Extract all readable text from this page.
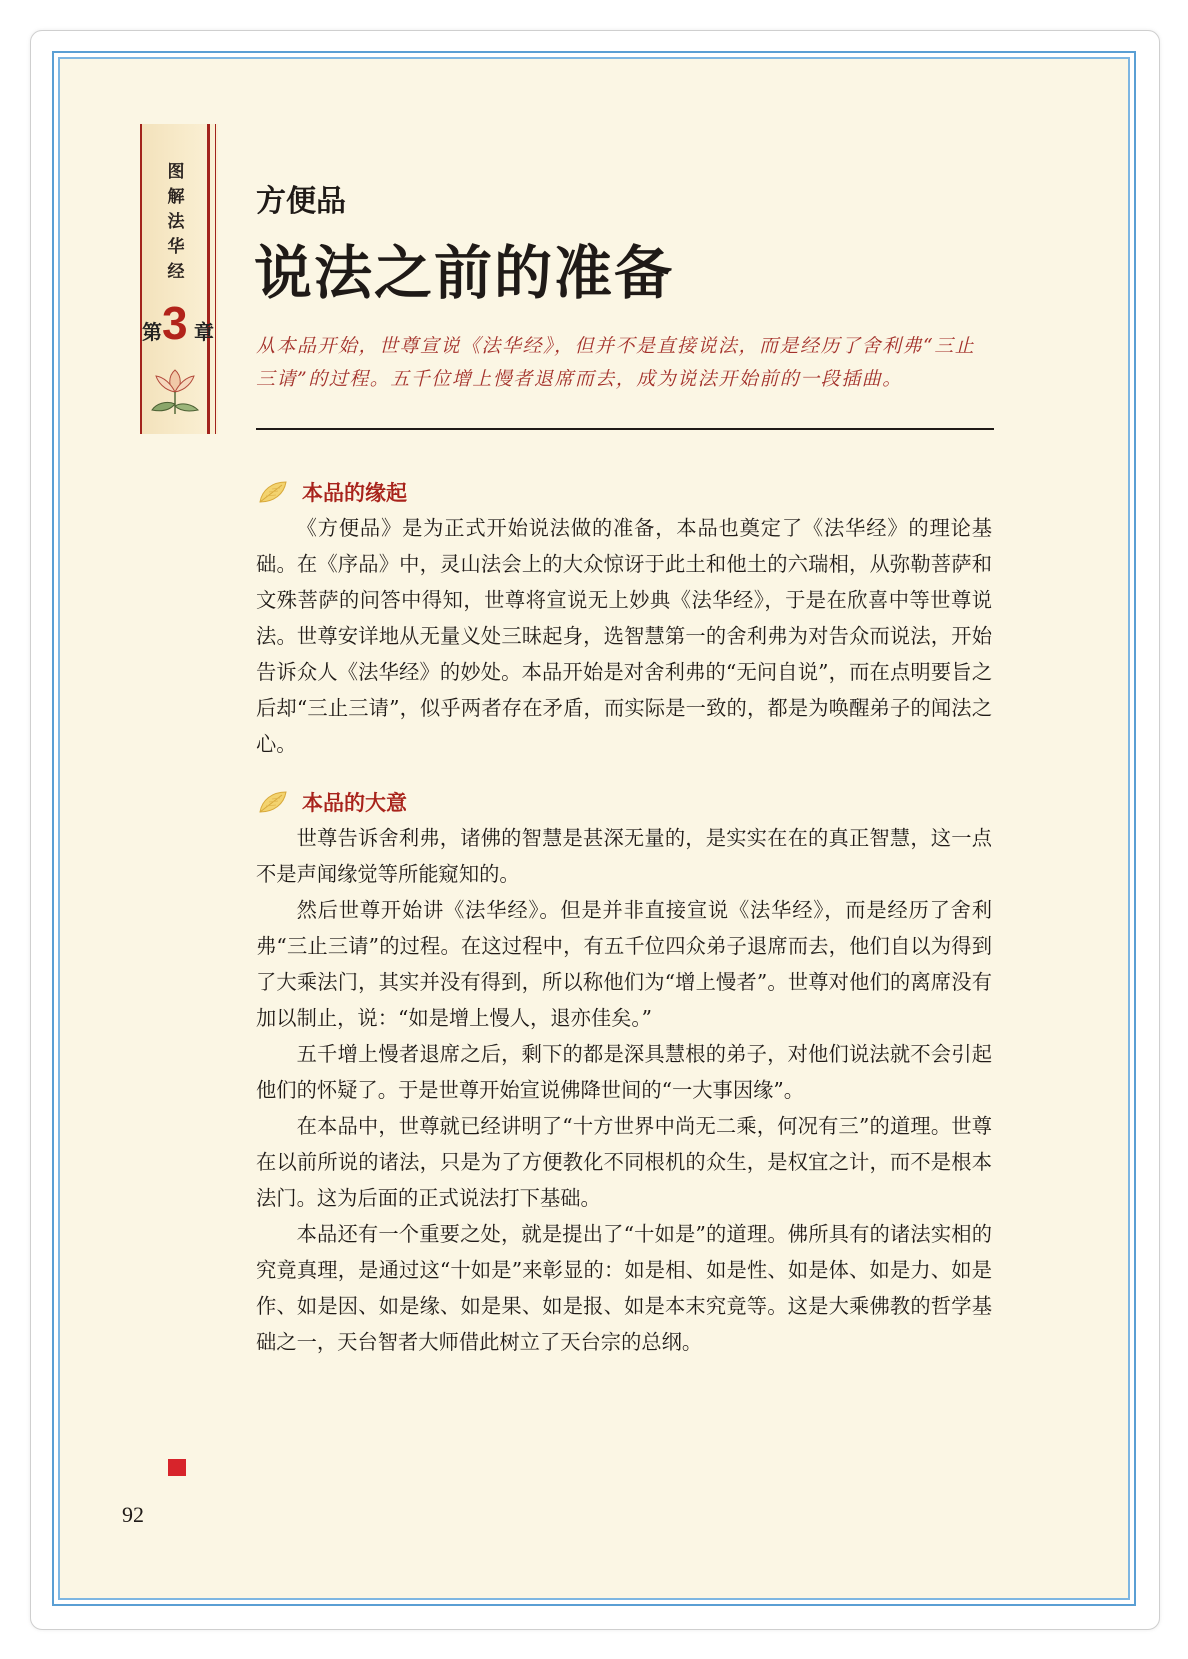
图
解
法
华
经
第 3 章
方便品
说法之前的准备

从本品开始，世尊宣说《法华经》，但并不是直接说法，而是经历了舍利弗“三止三请”的过程。五千位增上慢者退席而去，成为说法开始前的一段插曲。

本品的缘起

《方便品》是为正式开始说法做的准备，本品也奠定了《法华经》的理论基础。在《序品》中，灵山法会上的大众惊讶于此土和他土的六瑞相，从弥勒菩萨和文殊菩萨的问答中得知，世尊将宣说无上妙典《法华经》，于是在欣喜中等世尊说法。世尊安详地从无量义处三昧起身，选智慧第一的舍利弗为对告众而说法，开始告诉众人《法华经》的妙处。本品开始是对舍利弗的“无问自说”，而在点明要旨之后却“三止三请”，似乎两者存在矛盾，而实际是一致的，都是为唤醒弟子的闻法之心。

本品的大意

世尊告诉舍利弗，诸佛的智慧是甚深无量的，是实实在在的真正智慧，这一点不是声闻缘觉等所能窥知的。

然后世尊开始讲《法华经》。但是并非直接宣说《法华经》，而是经历了舍利弗“三止三请”的过程。在这过程中，有五千位四众弟子退席而去，他们自以为得到了大乘法门，其实并没有得到，所以称他们为“增上慢者”。世尊对他们的离席没有加以制止，说：“如是增上慢人，退亦佳矣。”

五千增上慢者退席之后，剩下的都是深具慧根的弟子，对他们说法就不会引起他们的怀疑了。于是世尊开始宣说佛降世间的“一大事因缘”。

在本品中，世尊就已经讲明了“十方世界中尚无二乘，何况有三”的道理。世尊在以前所说的诸法，只是为了方便教化不同根机的众生，是权宜之计，而不是根本法门。这为后面的正式说法打下基础。

本品还有一个重要之处，就是提出了“十如是”的道理。佛所具有的诸法实相的究竟真理，是通过这“十如是”来彰显的：如是相、如是性、如是体、如是力、如是作、如是因、如是缘、如是果、如是报、如是本末究竟等。这是大乘佛教的哲学基础之一，天台智者大师借此树立了天台宗的总纲。

92
